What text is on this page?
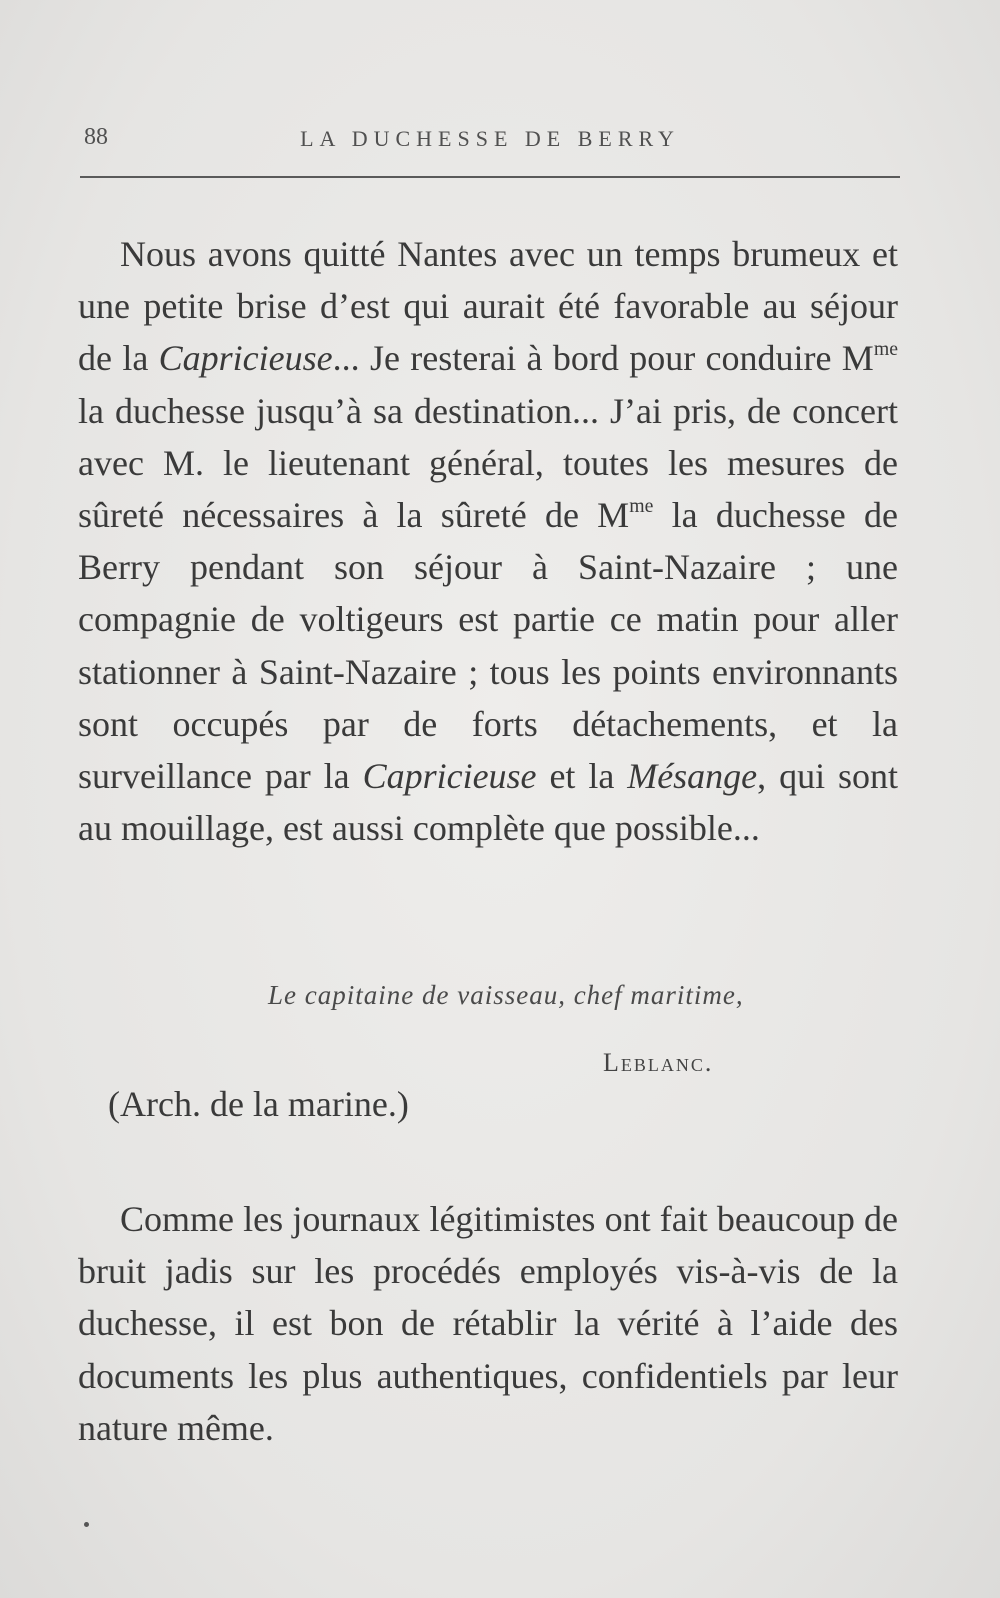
88	LA DUCHESSE DE BERRY

Nous avons quitté Nantes avec un temps brumeux et une petite brise d’est qui aurait été favorable au séjour de la Capricieuse... Je resterai à bord pour conduire $M^{me}$ la duchesse jusqu’à sa destination... J’ai pris, de concert avec M. le lieutenant général, toutes les mesures de sûreté nécessaires à la sûreté de $M^{me}$ la duchesse de Berry pendant son séjour à Saint-Nazaire ; une compagnie de voltigeurs est partie ce matin pour aller stationner à Saint-Nazaire ; tous les points environnants sont occupés par de forts détachements, et la surveillance par la Capricieuse et la Mésange, qui sont au mouillage, est aussi complète que possible...

Le capitaine de vaisseau, chef maritime,
Leblanc.
(Arch. de la marine.)

Comme les journaux légitimistes ont fait beaucoup de bruit jadis sur les procédés employés vis-à-vis de la duchesse, il est bon de rétablir la vérité à l’aide des documents les plus authentiques, confidentiels par leur nature même.
